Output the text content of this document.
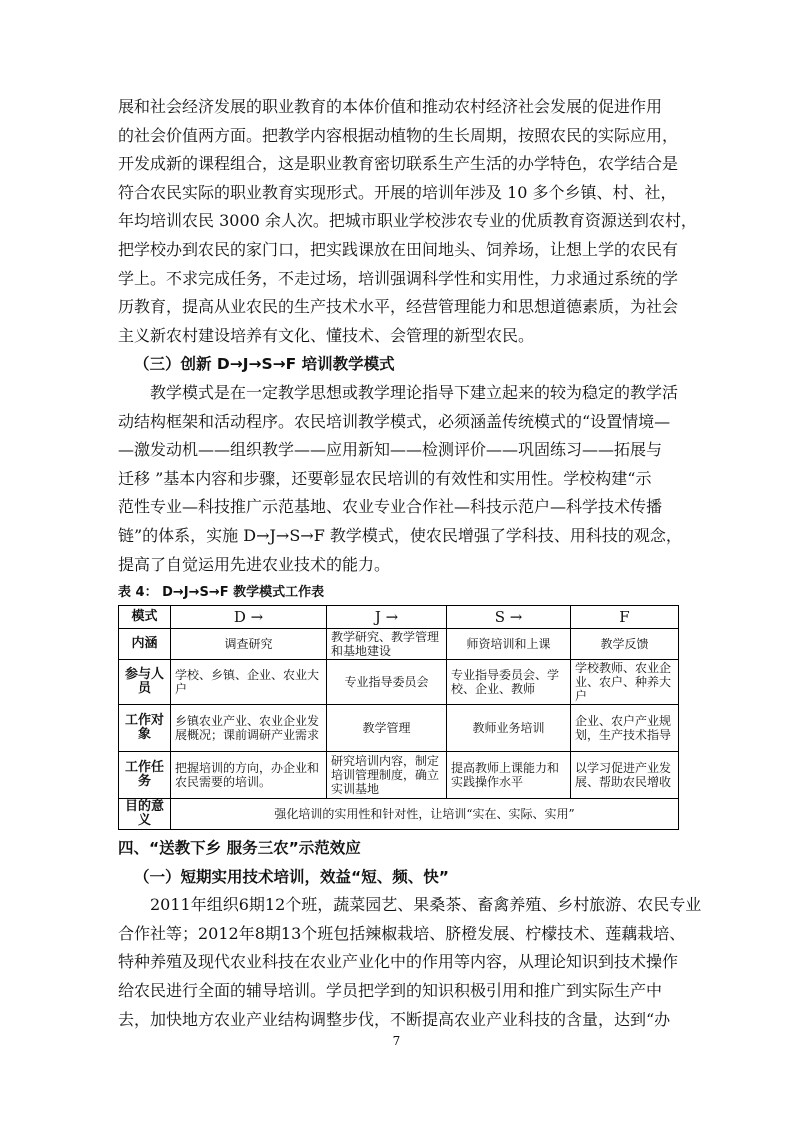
展和社会经济发展的职业教育的本体价值和推动农村经济社会发展的促进作用
的社会价值两方面。把教学内容根据动植物的生长周期，按照农民的实际应用，
开发成新的课程组合，这是职业教育密切联系生产生活的办学特色，农学结合是
符合农民实际的职业教育实现形式。开展的培训年涉及 10 多个乡镇、村、社，
年均培训农民 3000 余人次。把城市职业学校涉农专业的优质教育资源送到农村，
把学校办到农民的家门口，把实践课放在田间地头、饲养场，让想上学的农民有
学上。不求完成任务，不走过场，培训强调科学性和实用性，力求通过系统的学
历教育，提高从业农民的生产技术水平，经营管理能力和思想道德素质，为社会
主义新农村建设培养有文化、懂技术、会管理的新型农民。
（三）创新 D→J→S→F 培训教学模式
教学模式是在一定教学思想或教学理论指导下建立起来的较为稳定的教学活
动结构框架和活动程序。农民培训教学模式，必须涵盖传统模式的“设置情境—
—激发动机——组织教学——应用新知——检测评价——巩固练习——拓展与
迁移 ”基本内容和步骤，还要彰显农民培训的有效性和实用性。学校构建“示
范性专业—科技推广示范基地、农业专业合作社—科技示范户—科学技术传播
链”的体系，实施 D→J→S→F 教学模式，使农民增强了学科技、用科技的观念，
提高了自觉运用先进农业技术的能力。
表 4： D→J→S→F 教学模式工作表
模式	D →	J →	S →	F
内涵	调查研究	教学研究、教学管理和基地建设	师资培训和上课	教学反馈
参与人员	学校、乡镇、企业、农业大户	专业指导委员会	专业指导委员会、学校、企业、教师	学校教师、农业企业、农户、种养大户
工作对象	乡镇农业产业、农业企业发展概况；课前调研产业需求	教学管理	教师业务培训	企业、农户产业规划，生产技术指导
工作任务	把握培训的方向，办企业和农民需要的培训。	研究培训内容，制定培训管理制度，确立实训基地	提高教师上课能力和实践操作水平	以学习促进产业发展、帮助农民增收
目的意义	强化培训的实用性和针对性，让培训“实在、实际、实用”			
四、“送教下乡 服务三农”示范效应
（一）短期实用技术培训，效益“短、频、快”
2011年组织6期12个班，蔬菜园艺、果桑茶、畜禽养殖、乡村旅游、农民专业
合作社等；2012年8期13个班包括辣椒栽培、脐橙发展、柠檬技术、莲藕栽培、
特种养殖及现代农业科技在农业产业化中的作用等内容，从理论知识到技术操作
给农民进行全面的辅导培训。学员把学到的知识积极引用和推广到实际生产中
去，加快地方农业产业结构调整步伐，不断提高农业产业科技的含量，达到“办
7
